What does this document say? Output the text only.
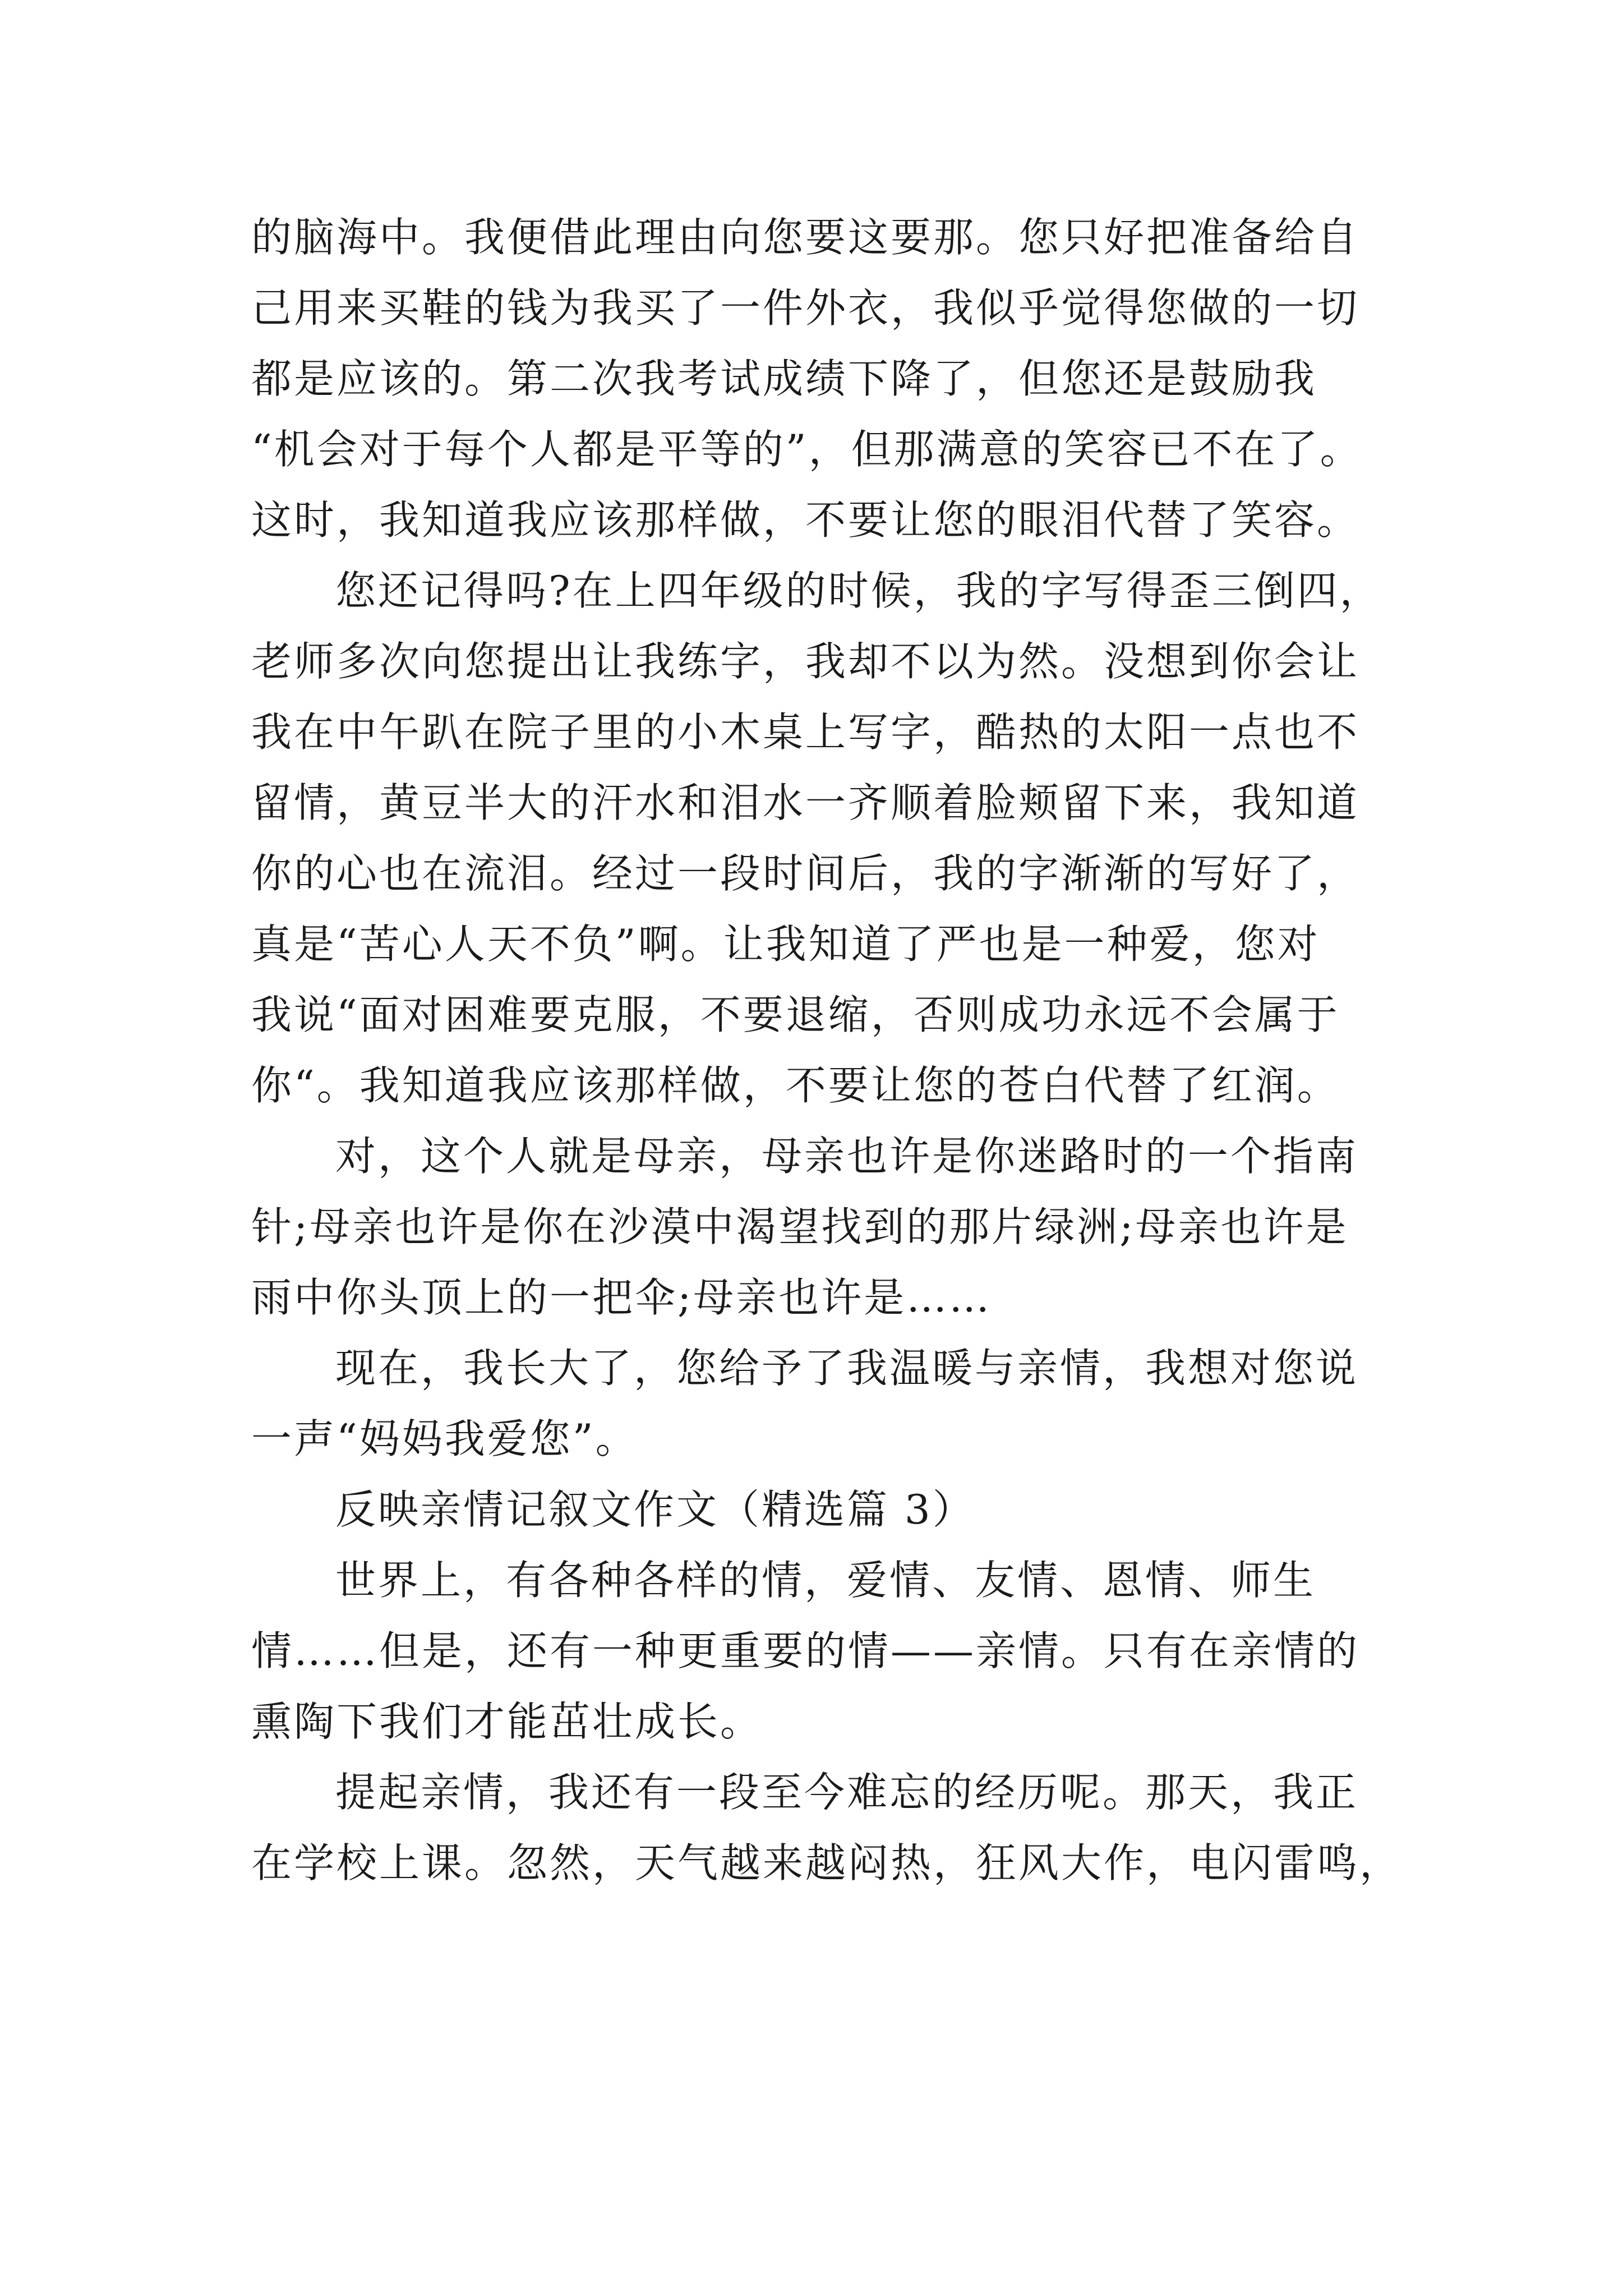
的脑海中。我便借此理由向您要这要那。您只好把准备给自
己用来买鞋的钱为我买了一件外衣，我似乎觉得您做的一切
都是应该的。第二次我考试成绩下降了，但您还是鼓励我
“机会对于每个人都是平等的”，但那满意的笑容已不在了。
这时，我知道我应该那样做，不要让您的眼泪代替了笑容。
您还记得吗?在上四年级的时候，我的字写得歪三倒四，
老师多次向您提出让我练字，我却不以为然。没想到你会让
我在中午趴在院子里的小木桌上写字，酷热的太阳一点也不
留情，黄豆半大的汗水和泪水一齐顺着脸颊留下来，我知道
你的心也在流泪。经过一段时间后，我的字渐渐的写好了，
真是“苦心人天不负”啊。让我知道了严也是一种爱，您对
我说“面对困难要克服，不要退缩，否则成功永远不会属于
你“。我知道我应该那样做，不要让您的苍白代替了红润。
对，这个人就是母亲，母亲也许是你迷路时的一个指南
针;母亲也许是你在沙漠中渴望找到的那片绿洲;母亲也许是
雨中你头顶上的一把伞;母亲也许是……
现在，我长大了，您给予了我温暖与亲情，我想对您说
一声“妈妈我爱您”。
反映亲情记叙文作文（精选篇 3）
世界上，有各种各样的情，爱情、友情、恩情、师生
情……但是，还有一种更重要的情——亲情。只有在亲情的
熏陶下我们才能茁壮成长。
提起亲情，我还有一段至今难忘的经历呢。那天，我正
在学校上课。忽然，天气越来越闷热，狂风大作，电闪雷鸣，
